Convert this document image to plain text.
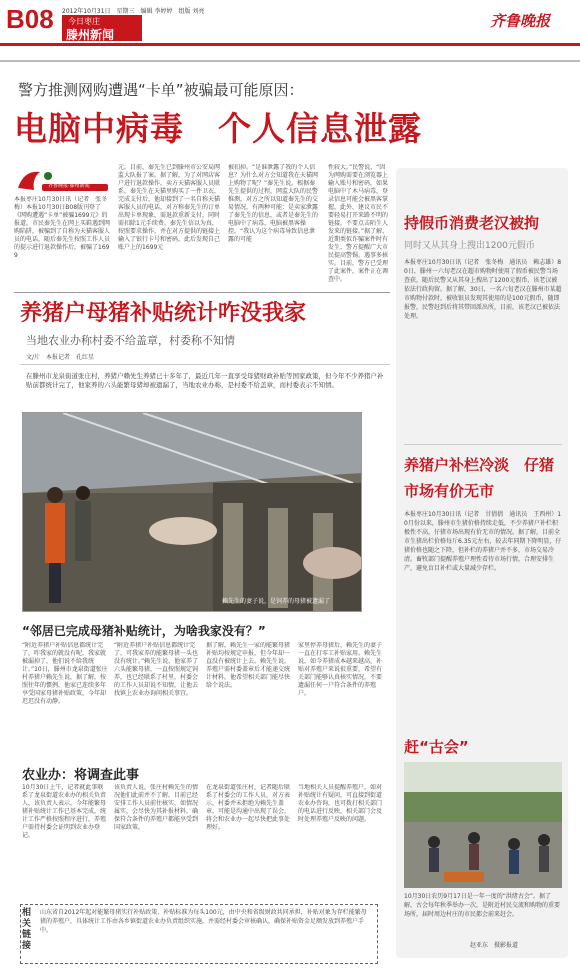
B08 2012年10月31日　星期三　编辑 李婷婷　组版 刘亮
今日枣庄
滕州新闻
齐鲁晚报
警方推测网购遭遇“卡单”被骗最可能原因：
电脑中病毒　个人信息泄露
齐鲁晚报·滕州新闻
本报枣庄10月30日讯（记者　张冬梅）本报10月30日B08版刊登了《网购遭遇“卡单”被骗1699元》的报道，市民秦先生在网上买鞋遇到网购陷阱，被骗到了自称为天猫客服人员的电话，随后秦先生按照工作人员的提示进行退款操作后，被骗了1699
元。目前，秦先生已到滕州市公安局网监大队报了案。据了解，为了对网店客户进行退款操作，卖方天猫客服人员联系，秦先生在天猫里购买了一件卫衣，完成支付后，他却接到了一名自称天猫客服人员的电话，对方称秦先生的订单出现卡单现象，需退款重新支付，同时需扣除1元手续费。秦先生信以为真，按照要求操作，并在对方提供的链接上输入了银行卡号和密码，此后发现自己账户上的1699元
被扣掉。“是谁泄露了我的个人信息？为什么对方会知道我在天猫网上购物了呢？”秦先生说。根据秦先生提供的过程，网监大队的民警推测，对方之所以知道秦先生的交易情况，有两种可能：是卖家泄露了秦先生的信息，或者是秦先生的电脑中了病毒，电脑被黑客操控。“我认为这个病毒导致信息泄露的可能
性较大。”民警说，“因为网购需要在浏览器上输入账号和密码，如果电脑中了木马病毒，登录信息可能会被黑客掌握，此外，建议市民不要轻易打开来路不明的链接，不要点击陌生人发来的链接。”据了解，近期类似诈骗案件时有发生，警方提醒广大市民提高警惕，遇事多核实。目前，警方已受理了此案件，案件正在调查中。
养猪户母猪补贴统计咋没我家
当地农业办称村委不给盖章，村委称不知情
文/片　本报记者　孔红星
在滕州市龙泉街道张庄村，养猪户赖先生养猪已十多年了，最近几年一直享受母猪财政补贴等国家政策，但今年不少养猪户补贴前都统计完了，他家养的六头能繁母猪却被遗漏了，当地农业办称，是村委不给盖章，而村委表示不知情。
赖先生的妻子说，是饲养的母猪被遗漏了
“邻居已完成母猪补贴统计，为啥我家没有？”
“附近养猪户补贴信息都统计完了，咋我家的就没有呢，我家就被漏掉了，他们说不给我统计。”10日，滕州市龙泉街道张庄村养猪户赖先生说，据了解，按照往年的惯例，他家已连续多年享受国家母猪补贴政策，今年却迟迟没有动静。
“附近养猪户补贴信息都统计完了，可我家养的能繁母猪一头也没有统计。”赖先生说，他家养了六头能繁母猪，一直按照规定饲养，也已经联系了村里，村委会的工作人员却说不知情，让他去找镇上农业办询问相关事宜。
据了解，赖先生一家的能繁母猪补贴均按规定申报，但今年却一直没有被统计上去。赖先生说，养殖户需村委盖章后才能递交统计材料，他希望相关部门能尽快给个说法。
家里停养母猪后，赖先生的妻子一直在打零工补贴家用。赖先生说，如今养猪成本越来越高，补贴对养殖户来说很重要，希望有关部门能够认真核实情况，不要遗漏任何一户符合条件的养殖户。
农业办：将调查此事
10月30日上午，记者就此事联系了龙泉街道农业办的相关负责人，该负责人表示，今年能繁母猪补贴统计工作已基本完成，统计工作严格按照程序进行，养殖户需持村委会证明到农业办登记。
该负责人说，张庄村赖先生的情况他们此前并不了解，目前已经安排工作人员前往核实，如情况属实，会尽快为其补报材料，确保符合条件的养殖户都能享受到国家政策。
在龙泉街道张庄村，记者随后联系了村委会的工作人员，对方表示，村委并未拒绝为赖先生盖章，可能是沟通中出现了误会，将会和农业办一起尽快把此事处理好。
当地相关人员提醒养殖户，如对补贴统计有疑问，可直接到街道农业办咨询，也可拨打相关部门的电话进行反映，相关部门会及时处理养殖户反映的问题。
相关链接
山东省自2012年起对能繁母猪实行补贴政策，补贴标准为每头100元，由中央和省级财政共同承担，补贴对象为存栏能繁母猪的养殖户，具体统计工作由各乡镇街道农业办负责组织实施，并需经村委会审核确认，确保补贴资金足额发放到养殖户手中。
持假币消费老汉被拘
同时又从其身上搜出1200元假币
本报枣庄10月30日讯（记者　张冬梅　通讯员　赖志雄）80日，滕州一六旬老汉在超市购物时使用了假币被民警当场查获，随后民警又从其身上搜出了1200元假币，该老汉被依法行政拘留。据了解，30日，一名六旬老汉在滕州市某超市购物付款时，被收银员发现其使用的是100元假币，随即报警，民警赶到后将其带回派出所，目前，该老汉已被依法处理。
养猪户补栏冷淡　仔猪市场有价无市
本报枣庄10月30日讯（记者　甘倩倩　通讯员　王西州）10月份以来，滕州市生猪价格持续走低，不少养猪户补栏积极性不高，仔猪市场出现有价无市的情况。据了解，目前全市生猪出栏价格每斤6.35元左右，较去年同期下降明显，仔猪价格也随之下降，但补栏的养猪户并不多，市场交易冷清。畜牧部门提醒养殖户理性看待市场行情，合理安排生产，避免盲目补栏或大量减少存栏。
赶“古会”
10月30日农历9月17日是一年一度的“洪绪古会”。据了解，古会每年秋季举办一次，是附近村民交流和购物的重要场所，届时周边村庄的市民都会前来赶会。
赵亚东　摄影报道
